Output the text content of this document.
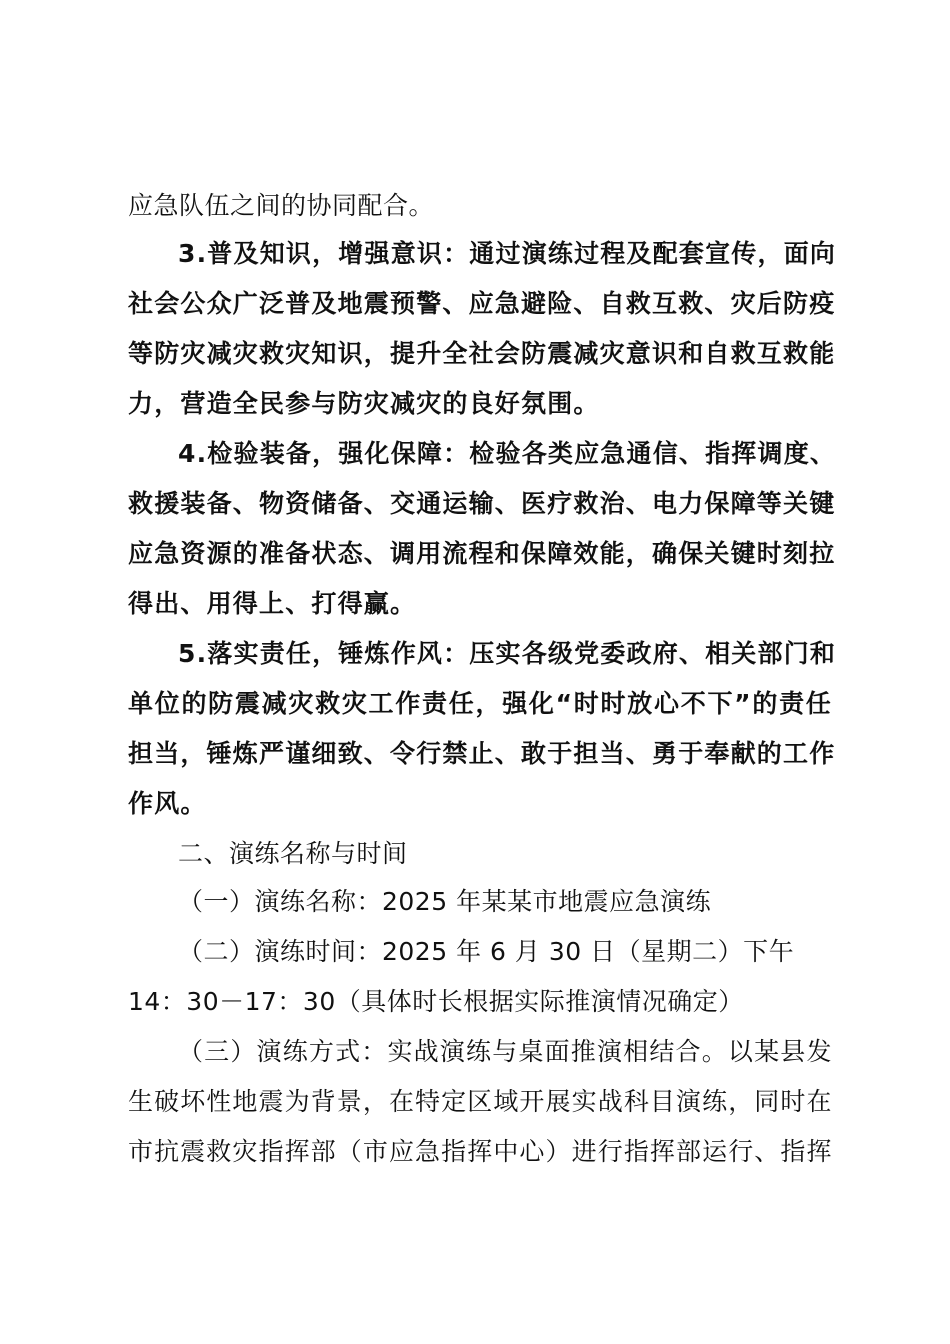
应急队伍之间的协同配合。
3.普及知识，增强意识：通过演练过程及配套宣传，面向
社会公众广泛普及地震预警、应急避险、自救互救、灾后防疫
等防灾减灾救灾知识，提升全社会防震减灾意识和自救互救能
力，营造全民参与防灾减灾的良好氛围。
4.检验装备，强化保障：检验各类应急通信、指挥调度、
救援装备、物资储备、交通运输、医疗救治、电力保障等关键
应急资源的准备状态、调用流程和保障效能，确保关键时刻拉
得出、用得上、打得赢。
5.落实责任，锤炼作风：压实各级党委政府、相关部门和
单位的防震减灾救灾工作责任，强化“时时放心不下”的责任
担当，锤炼严谨细致、令行禁止、敢于担当、勇于奉献的工作
作风。
二、演练名称与时间
（一）演练名称：2025 年某某市地震应急演练
（二）演练时间：2025 年 6 月 30 日（星期二）下午
14：30－17：30（具体时长根据实际推演情况确定）
（三）演练方式：实战演练与桌面推演相结合。以某县发
生破坏性地震为背景，在特定区域开展实战科目演练，同时在
市抗震救灾指挥部（市应急指挥中心）进行指挥部运行、指挥
